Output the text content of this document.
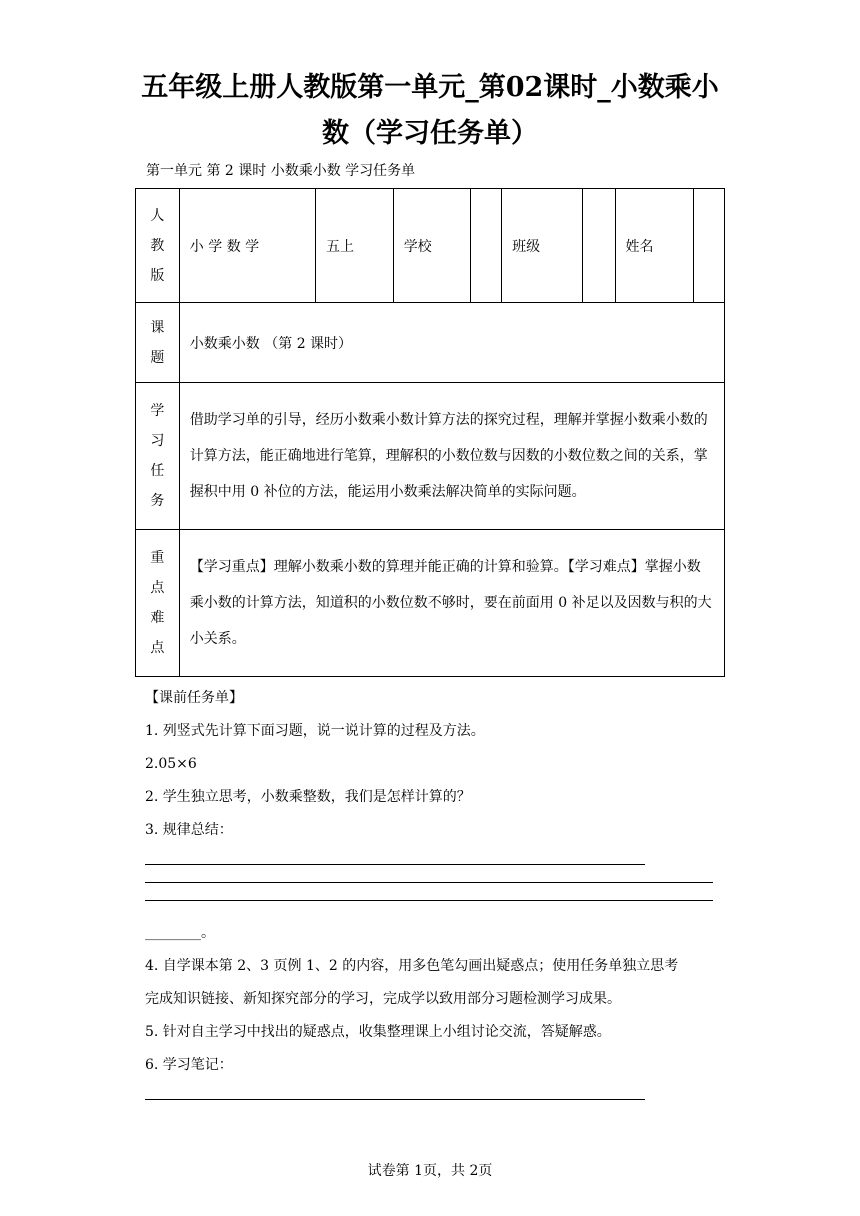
五年级上册人教版第一单元_第02课时_小数乘小
数（学习任务单）
第一单元 第 2 课时 小数乘小数 学习任务单
人
教
版	小 学 数 学	五上	学校		班级		姓名	

课
题	小数乘小数 （第 2 课时）							

学
习
任
务	借助学习单的引导，经历小数乘小数计算方法的探究过程，理解并掌握小数乘小数的计算方法，能正确地进行笔算，理解积的小数位数与因数的小数位数之间的关系，掌握积中用 0 补位的方法，能运用小数乘法解决简单的实际问题。							

重
点
难
点	【学习重点】理解小数乘小数的算理并能正确的计算和验算。【学习难点】掌握小数乘小数的计算方法，知道积的小数位数不够时，要在前面用 0 补足以及因数与积的大小关系。							
【课前任务单】
1. 列竖式先计算下面习题，说一说计算的过程及方法。
2.05×6
2. 学生独立思考，小数乘整数，我们是怎样计算的？
3. 规律总结：
________。
4. 自学课本第 2、3 页例 1、2 的内容，用多色笔勾画出疑惑点；使用任务单独立思考
完成知识链接、新知探究部分的学习，完成学以致用部分习题检测学习成果。
5. 针对自主学习中找出的疑惑点，收集整理课上小组讨论交流，答疑解惑。
6. 学习笔记：
试卷第 1页，共 2页
